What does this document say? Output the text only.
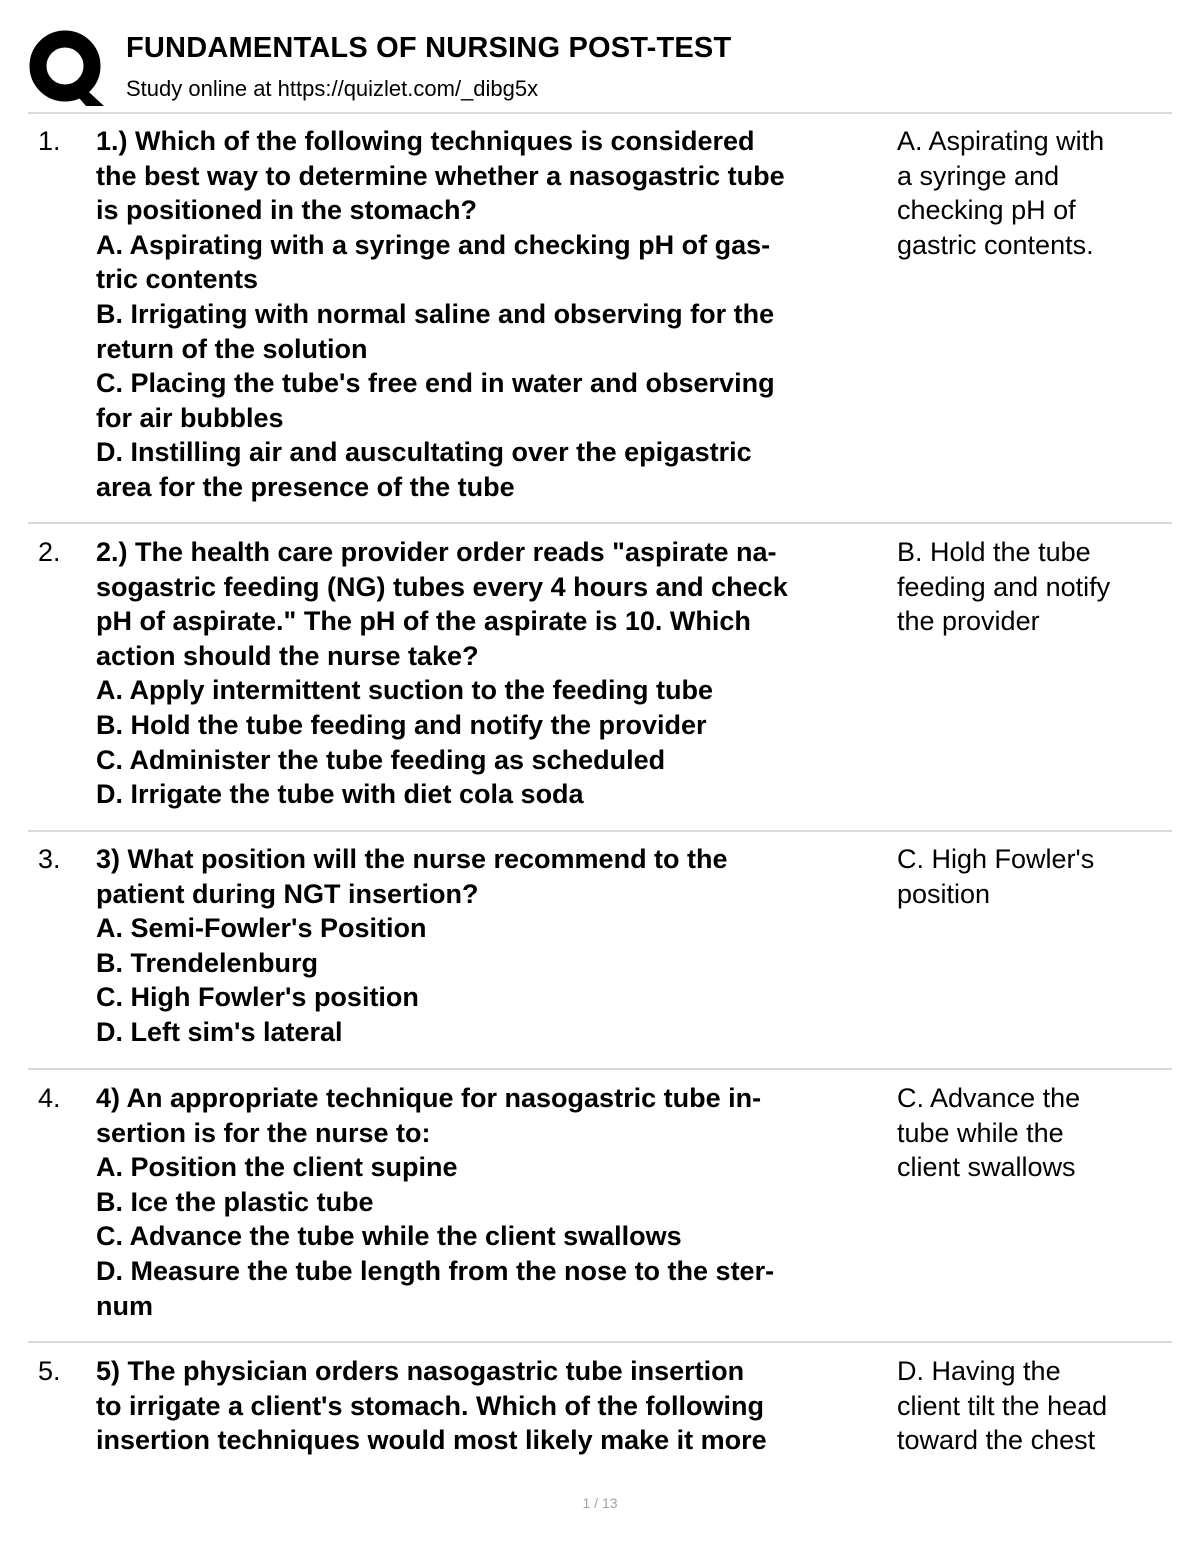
FUNDAMENTALS OF NURSING POST-TEST
Study online at https://quizlet.com/_dibg5x
1. 1.) Which of the following techniques is considered
the best way to determine whether a nasogastric tube
is positioned in the stomach?
A. Aspirating with a syringe and checking pH of gas-
tric contents
B. Irrigating with normal saline and observing for the
return of the solution
C. Placing the tube's free end in water and observing
for air bubbles
D. Instilling air and auscultating over the epigastric
area for the presence of the tube
A. Aspirating with
a syringe and
checking pH of
gastric contents.
2. 2.) The health care provider order reads "aspirate na-
sogastric feeding (NG) tubes every 4 hours and check
pH of aspirate." The pH of the aspirate is 10. Which
action should the nurse take?
A. Apply intermittent suction to the feeding tube
B. Hold the tube feeding and notify the provider
C. Administer the tube feeding as scheduled
D. Irrigate the tube with diet cola soda
B. Hold the tube
feeding and notify
the provider
3. 3) What position will the nurse recommend to the
patient during NGT insertion?
A. Semi-Fowler's Position
B. Trendelenburg
C. High Fowler's position
D. Left sim's lateral
C. High Fowler's
position
4. 4) An appropriate technique for nasogastric tube in-
sertion is for the nurse to:
A. Position the client supine
B. Ice the plastic tube
C. Advance the tube while the client swallows
D. Measure the tube length from the nose to the ster-
num
C. Advance the
tube while the
client swallows
5. 5) The physician orders nasogastric tube insertion
to irrigate a client's stomach. Which of the following
insertion techniques would most likely make it more
D. Having the
client tilt the head
toward the chest
1 / 13
